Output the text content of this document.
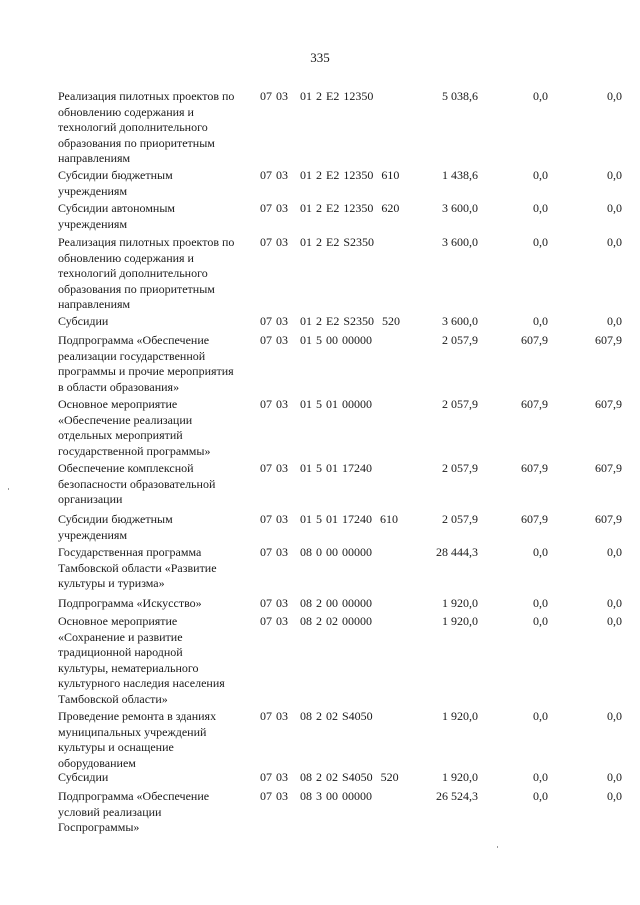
335
Реализация пилотных проектов по
обновлению содержания и
технологий дополнительного
образования по приоритетным
направлениям
07 03   01 2 E2 12350	5 038,6	0,0	0,0
Субсидии бюджетным
учреждениям
07 03   01 2 E2 12350  610	1 438,6	0,0	0,0
Субсидии автономным
учреждениям
07 03   01 2 E2 12350  620	3 600,0	0,0	0,0
Реализация пилотных проектов по
обновлению содержания и
технологий дополнительного
образования по приоритетным
направлениям
07 03   01 2 E2 S2350	3 600,0	0,0	0,0
Субсидии	07 03   01 2 E2 S2350  520	3 600,0	0,0	0,0
Подпрограмма «Обеспечение
реализации государственной
программы и прочие мероприятия
в области образования»
07 03   01 5 00 00000	2 057,9	607,9	607,9
Основное мероприятие
«Обеспечение реализации
отдельных мероприятий
государственной программы»
07 03   01 5 01 00000	2 057,9	607,9	607,9
Обеспечение комплексной
безопасности образовательной
организации
07 03   01 5 01 17240	2 057,9	607,9	607,9
Субсидии бюджетным
учреждениям
07 03   01 5 01 17240  610	2 057,9	607,9	607,9
Государственная программа
Тамбовской области «Развитие
культуры и туризма»
07 03   08 0 00 00000	28 444,3	0,0	0,0
Подпрограмма «Искусство»	07 03   08 2 00 00000	1 920,0	0,0	0,0
Основное мероприятие
«Сохранение и развитие
традиционной народной
культуры, нематериального
культурного наследия населения
Тамбовской области»
07 03   08 2 02 00000	1 920,0	0,0	0,0
Проведение ремонта в зданиях
муниципальных учреждений
культуры и оснащение
оборудованием
07 03   08 2 02 S4050	1 920,0	0,0	0,0
Субсидии	07 03   08 2 02 S4050  520	1 920,0	0,0	0,0
Подпрограмма «Обеспечение
условий реализации
Госпрограммы»
07 03   08 3 00 00000	26 524,3	0,0	0,0
